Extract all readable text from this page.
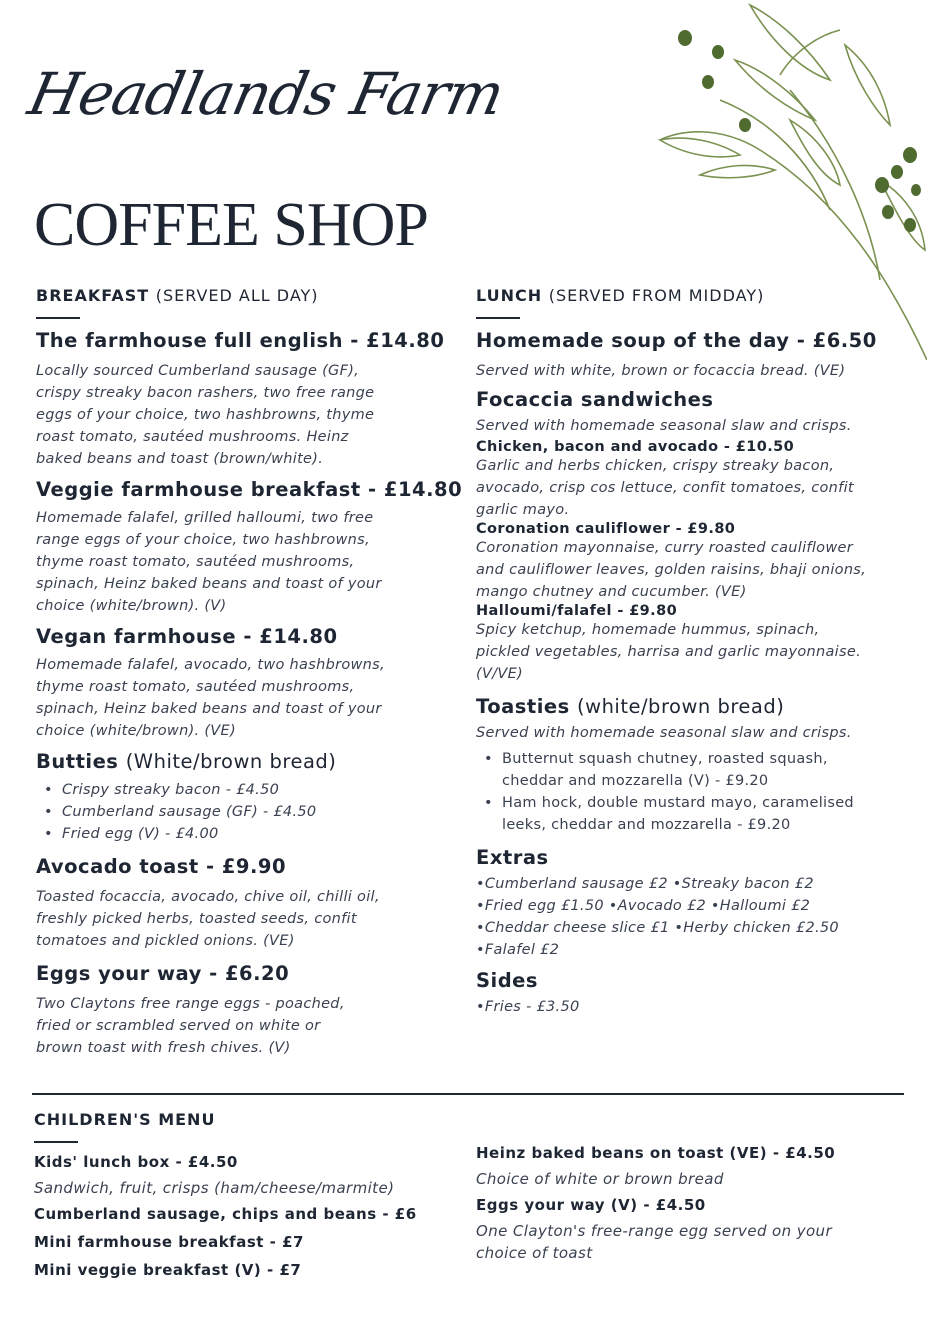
Headlands Farm
COFFEE SHOP
BREAKFAST (SERVED ALL DAY)
The farmhouse full english - £14.80
Locally sourced Cumberland sausage (GF),
crispy streaky bacon rashers, two free range
eggs of your choice, two hashbrowns, thyme
roast tomato, sautéed mushrooms. Heinz
baked beans and toast (brown/white).
Veggie farmhouse breakfast - £14.80
Homemade falafel, grilled halloumi, two free
range eggs of your choice, two hashbrowns,
thyme roast tomato, sautéed mushrooms,
spinach, Heinz baked beans and toast of your
choice (white/brown). (V)
Vegan farmhouse - £14.80
Homemade falafel, avocado, two hashbrowns,
thyme roast tomato, sautéed mushrooms,
spinach, Heinz baked beans and toast of your
choice (white/brown). (VE)
Butties (White/brown bread)
• Crispy streaky bacon - £4.50
• Cumberland sausage (GF) - £4.50
• Fried egg (V) - £4.00
Avocado toast - £9.90
Toasted focaccia, avocado, chive oil, chilli oil,
freshly picked herbs, toasted seeds, confit
tomatoes and pickled onions. (VE)
Eggs your way - £6.20
Two Claytons free range eggs - poached,
fried or scrambled served on white or
brown toast with fresh chives. (V)
LUNCH (SERVED FROM MIDDAY)
Homemade soup of the day - £6.50
Served with white, brown or focaccia bread. (VE)
Focaccia sandwiches
Served with homemade seasonal slaw and crisps.
Chicken, bacon and avocado - £10.50
Garlic and herbs chicken, crispy streaky bacon,
avocado, crisp cos lettuce, confit tomatoes, confit
garlic mayo.
Coronation cauliflower - £9.80
Coronation mayonnaise, curry roasted cauliflower
and cauliflower leaves, golden raisins, bhaji onions,
mango chutney and cucumber. (VE)
Halloumi/falafel - £9.80
Spicy ketchup, homemade hummus, spinach,
pickled vegetables, harrisa and garlic mayonnaise.
(V/VE)
Toasties (white/brown bread)
Served with homemade seasonal slaw and crisps.
• Butternut squash chutney, roasted squash,
cheddar and mozzarella (V) - £9.20
• Ham hock, double mustard mayo, caramelised
leeks, cheddar and mozzarella - £9.20
Extras
•Cumberland sausage £2 •Streaky bacon £2
•Fried egg £1.50 •Avocado £2 •Halloumi £2
•Cheddar cheese slice £1 •Herby chicken £2.50
•Falafel £2
Sides
•Fries - £3.50
CHILDREN'S MENU
Kids' lunch box - £4.50
Sandwich, fruit, crisps (ham/cheese/marmite)
Cumberland sausage, chips and beans - £6
Mini farmhouse breakfast - £7
Mini veggie breakfast (V) - £7
Heinz baked beans on toast (VE) - £4.50
Choice of white or brown bread
Eggs your way (V) - £4.50
One Clayton's free-range egg served on your
choice of toast
